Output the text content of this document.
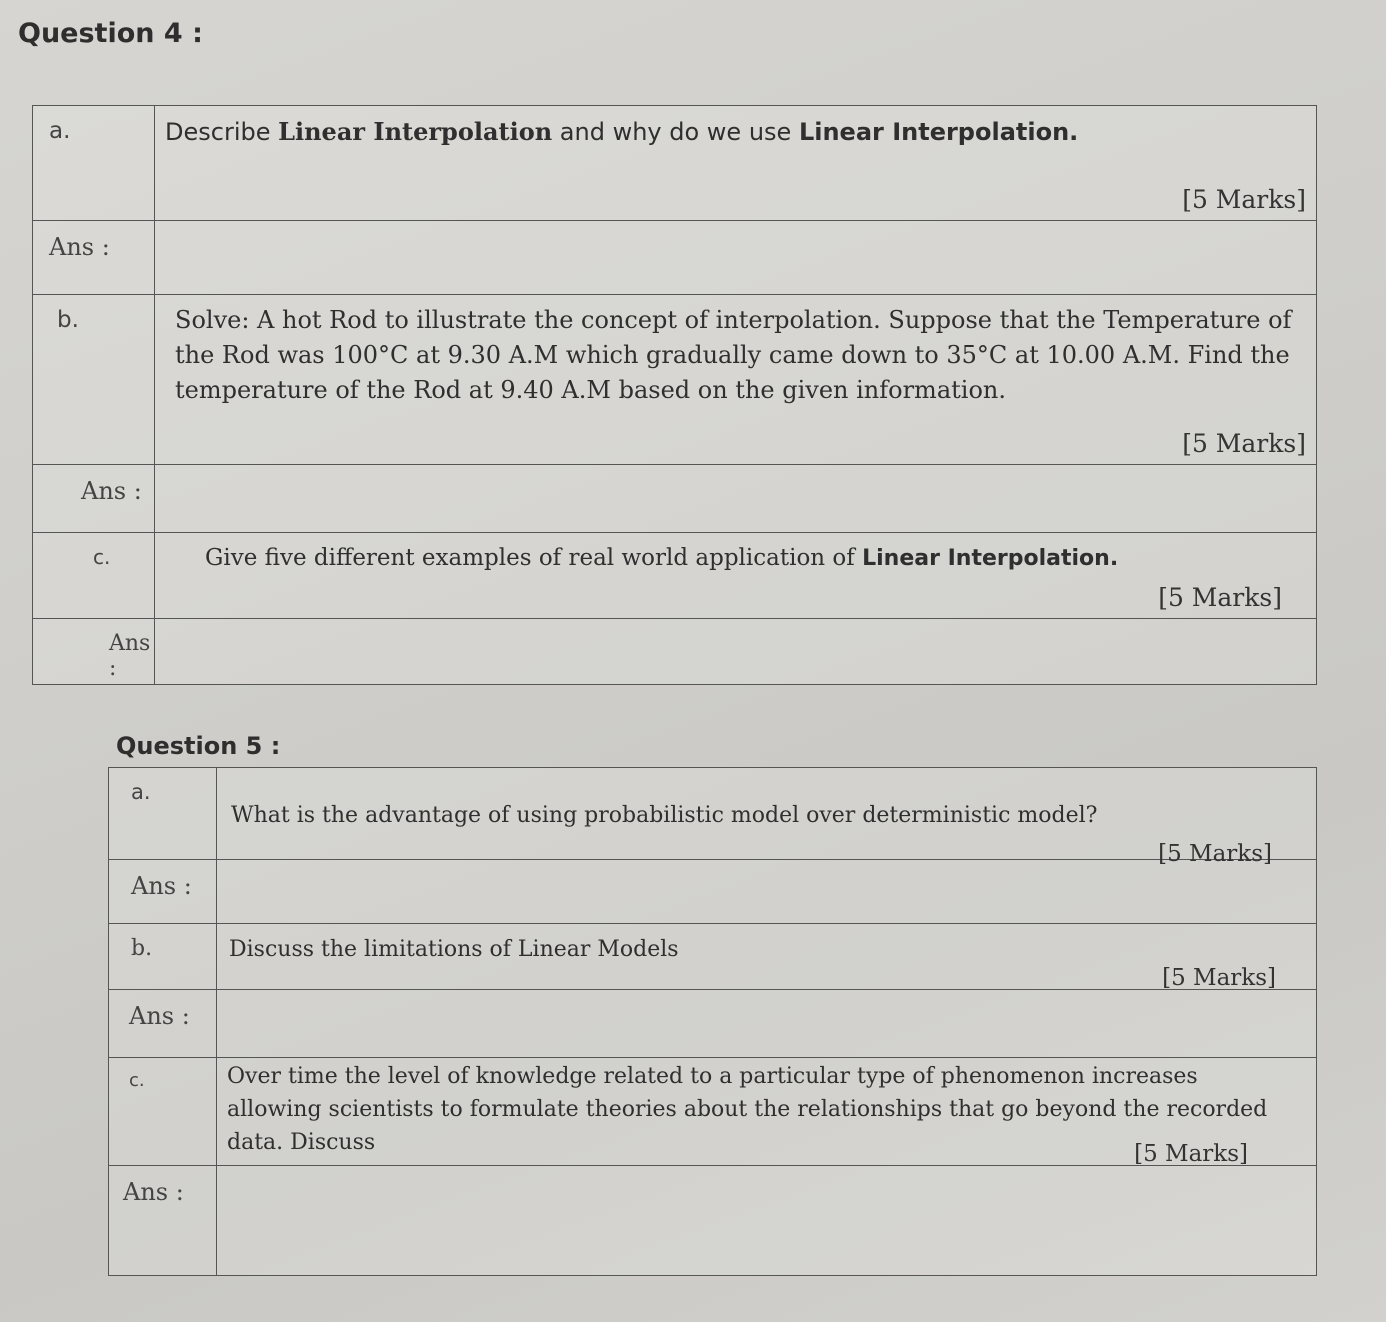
Question 4 :
a.	Describe Linear Interpolation and why do we use Linear Interpolation.
[5 Marks]

Ans :	
b.	Solve: A hot Rod to illustrate the concept of interpolation. Suppose that the Temperature of the Rod was 100°C at 9.30 A.M which gradually came down to 35°C at 10.00 A.M. Find the temperature of the Rod at 9.40 A.M based on the given information.
[5 Marks]

Ans :	
c.	Give five different examples of real world application of Linear Interpolation.
[5 Marks]

Ans :	
Question 5 :
a.	What is the advantage of using probabilistic model over deterministic model?
[5 Marks]

Ans :	
b.	Discuss the limitations of Linear Models
[5 Marks]

Ans :	
c.	Over time the level of knowledge related to a particular type of phenomenon increases allowing scientists to formulate theories about the relationships that go beyond the recorded data. Discuss [5 Marks]

Ans :	
